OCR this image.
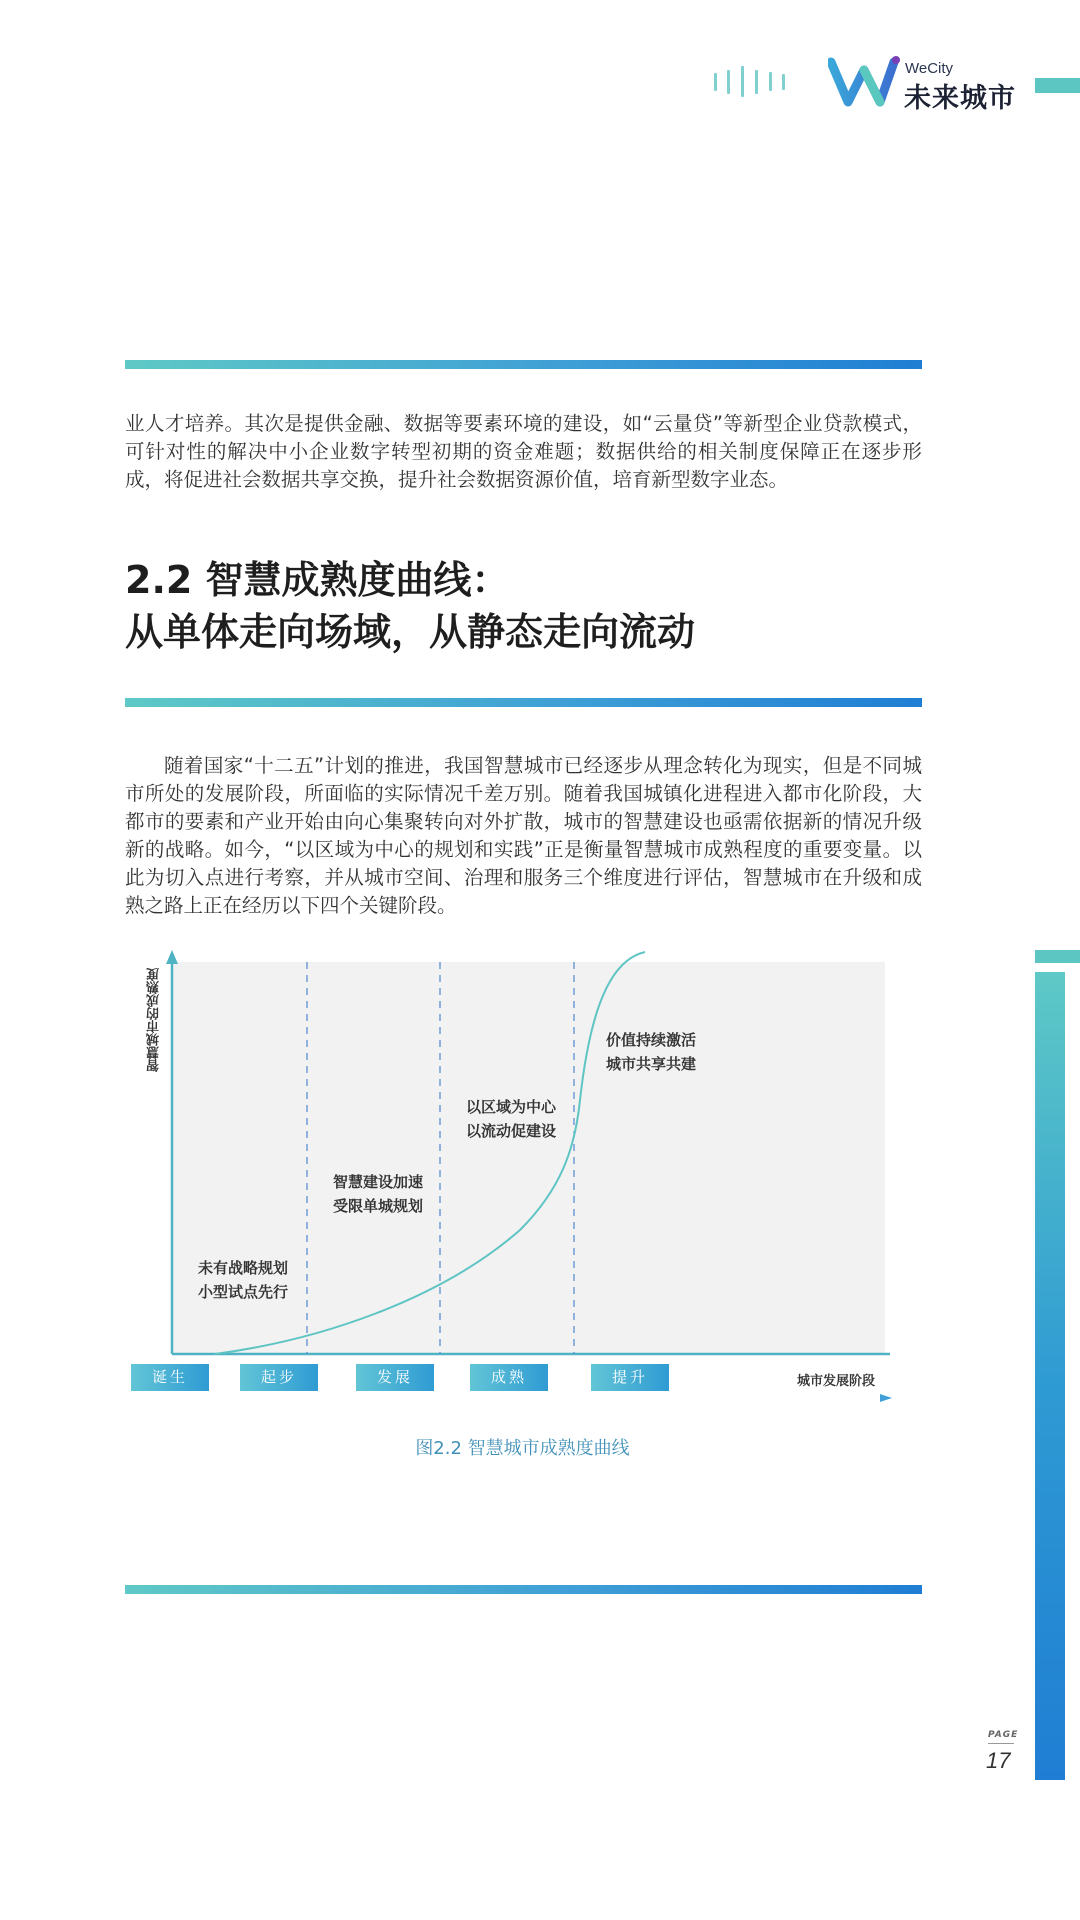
WeCity
未来城市

业人才培养。其次是提供金融、数据等要素环境的建设，如“云量贷”等新型企业贷款模式，可针对性的解决中小企业数字转型初期的资金难题；数据供给的相关制度保障正在逐步形成，将促进社会数据共享交换，提升社会数据资源价值，培育新型数字业态。

2.2 智慧成熟度曲线：
从单体走向场域，从静态走向流动

随着国家“十二五”计划的推进，我国智慧城市已经逐步从理念转化为现实，但是不同城市所处的发展阶段，所面临的实际情况千差万别。随着我国城镇化进程进入都市化阶段，大都市的要素和产业开始由向心集聚转向对外扩散，城市的智慧建设也亟需依据新的情况升级新的战略。如今，“以区域为中心的规划和实践”正是衡量智慧城市成熟程度的重要变量。以此为切入点进行考察，并从城市空间、治理和服务三个维度进行评估，智慧城市在升级和成熟之路上正在经历以下四个关键阶段。

智慧城市的成熟度
城市发展阶段
未有战略规划
小型试点先行
智慧建设加速
受限单城规划
以区域为中心
以流动促建设
价值持续激活
城市共享共建
诞生	起步	发展	成熟	提升
图2.2 智慧城市成熟度曲线
PAGE
17
